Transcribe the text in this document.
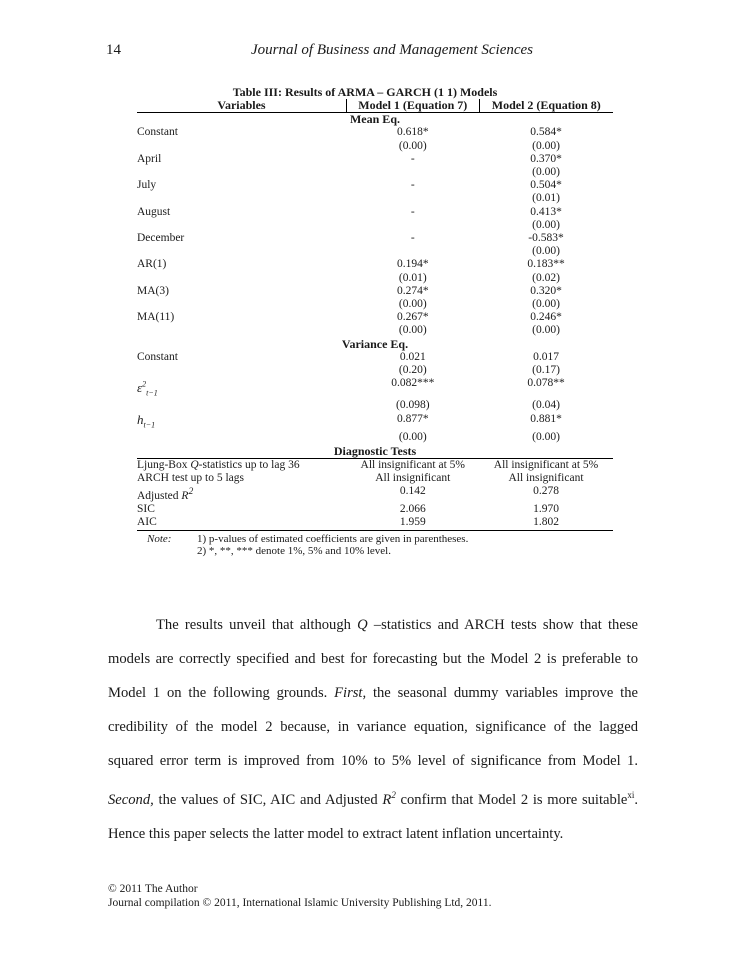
14	Journal of Business and Management Sciences
Table III: Results of ARMA – GARCH (1 1) Models
Variables	Model 1 (Equation 7)	Model 2 (Equation 8)
Mean Eq.		
Constant	0.618*	0.584*
	(0.00)	(0.00)
April	-	0.370*
		(0.00)
July	-	0.504*
		(0.01)
August	-	0.413*
		(0.00)
December	-	-0.583*
		(0.00)
AR(1)	0.194*	0.183**
	(0.01)	(0.02)
MA(3)	0.274*	0.320*
	(0.00)	(0.00)
MA(11)	0.267*	0.246*
	(0.00)	(0.00)
Variance Eq.		
Constant	0.021	0.017
	(0.20)	(0.17)
$\varepsilon^2_{t-1}$	0.082***	0.078**
	(0.098)	(0.04)
$h_{t-1}$	0.877*	0.881*
	(0.00)	(0.00)
Diagnostic Tests		
Ljung-Box Q-statistics up to lag 36	All insignificant at 5%	All insignificant at 5%
ARCH test up to 5 lags	All insignificant	All insignificant
Adjusted $R^2$	0.142	0.278
SIC	2.066	1.970
AIC	1.959	1.802
Note: 1) p-values of estimated coefficients are given in parentheses.
2) *, **, *** denote 1%, 5% and 10% level.

The results unveil that although Q –statistics and ARCH tests show that these models are correctly specified and best for forecasting but the Model 2 is preferable to Model 1 on the following grounds. First, the seasonal dummy variables improve the credibility of the model 2 because, in variance equation, significance of the lagged squared error term is improved from 10% to 5% level of significance from Model 1. Second, the values of SIC, AIC and Adjusted $R^2$ confirm that Model 2 is more suitable$^{xi}$. Hence this paper selects the latter model to extract latent inflation uncertainty.

© 2011 The Author
Journal compilation © 2011, International Islamic University Publishing Ltd, 2011.
